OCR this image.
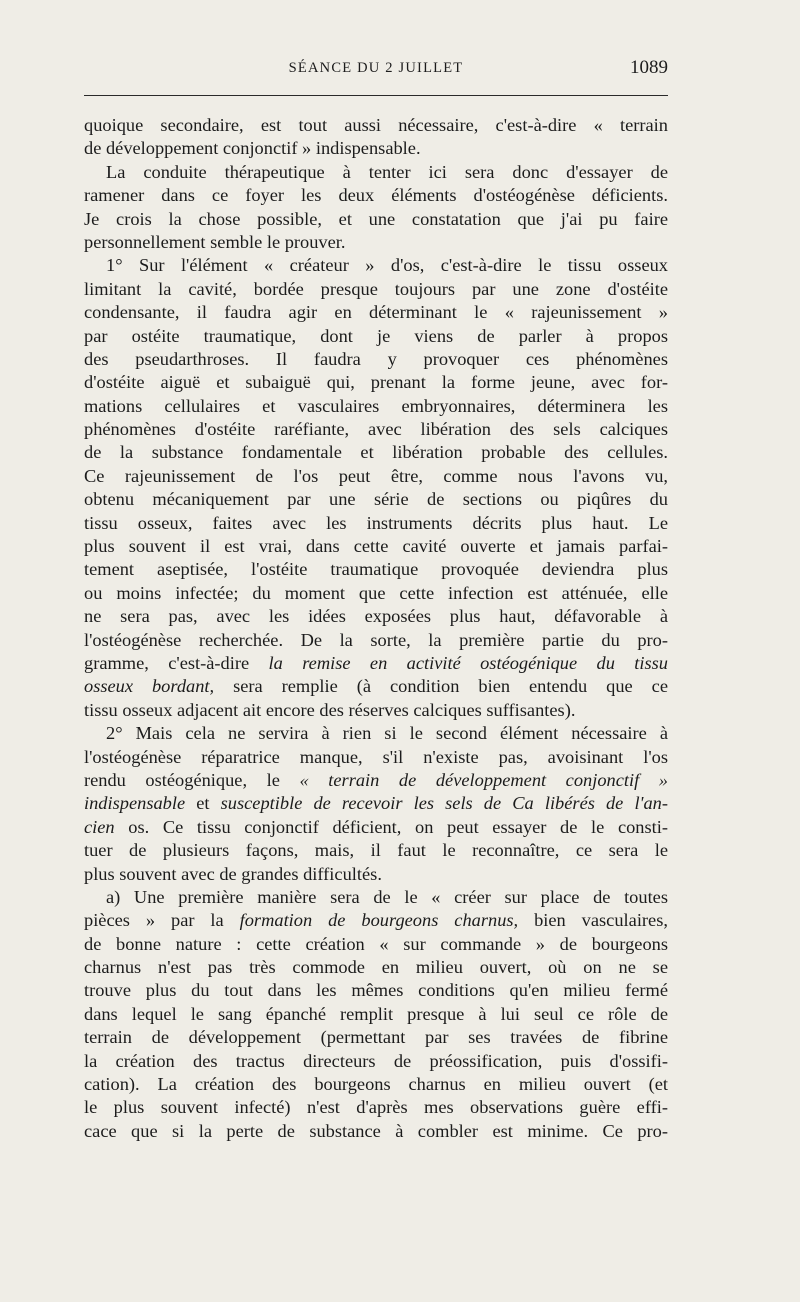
SÉANCE DU 2 JUILLET	1089
quoique secondaire, est tout aussi nécessaire, c'est-à-dire « terrain
de développement conjonctif » indispensable.
La conduite thérapeutique à tenter ici sera donc d'essayer de
ramener dans ce foyer les deux éléments d'ostéogénèse déficients.
Je crois la chose possible, et une constatation que j'ai pu faire
personnellement semble le prouver.
1° Sur l'élément « créateur » d'os, c'est-à-dire le tissu osseux
limitant la cavité, bordée presque toujours par une zone d'ostéite
condensante, il faudra agir en déterminant le « rajeunissement »
par ostéite traumatique, dont je viens de parler à propos
des pseudarthroses. Il faudra y provoquer ces phénomènes
d'ostéite aiguë et subaiguë qui, prenant la forme jeune, avec for-
mations cellulaires et vasculaires embryonnaires, déterminera les
phénomènes d'ostéite raréfiante, avec libération des sels calciques
de la substance fondamentale et libération probable des cellules.
Ce rajeunissement de l'os peut être, comme nous l'avons vu,
obtenu mécaniquement par une série de sections ou piqûres du
tissu osseux, faites avec les instruments décrits plus haut. Le
plus souvent il est vrai, dans cette cavité ouverte et jamais parfai-
tement aseptisée, l'ostéite traumatique provoquée deviendra plus
ou moins infectée; du moment que cette infection est atténuée, elle
ne sera pas, avec les idées exposées plus haut, défavorable à
l'ostéogénèse recherchée. De la sorte, la première partie du pro-
gramme, c'est-à-dire la remise en activité ostéogénique du tissu
osseux bordant, sera remplie (à condition bien entendu que ce
tissu osseux adjacent ait encore des réserves calciques suffisantes).
2° Mais cela ne servira à rien si le second élément nécessaire à
l'ostéogénèse réparatrice manque, s'il n'existe pas, avoisinant l'os
rendu ostéogénique, le « terrain de développement conjonctif »
indispensable et susceptible de recevoir les sels de Ca libérés de l'an-
cien os. Ce tissu conjonctif déficient, on peut essayer de le consti-
tuer de plusieurs façons, mais, il faut le reconnaître, ce sera le
plus souvent avec de grandes difficultés.
a) Une première manière sera de le « créer sur place de toutes
pièces » par la formation de bourgeons charnus, bien vasculaires,
de bonne nature : cette création « sur commande » de bourgeons
charnus n'est pas très commode en milieu ouvert, où on ne se
trouve plus du tout dans les mêmes conditions qu'en milieu fermé
dans lequel le sang épanché remplit presque à lui seul ce rôle de
terrain de développement (permettant par ses travées de fibrine
la création des tractus directeurs de préossification, puis d'ossifi-
cation). La création des bourgeons charnus en milieu ouvert (et
le plus souvent infecté) n'est d'après mes observations guère effi-
cace que si la perte de substance à combler est minime. Ce pro-
